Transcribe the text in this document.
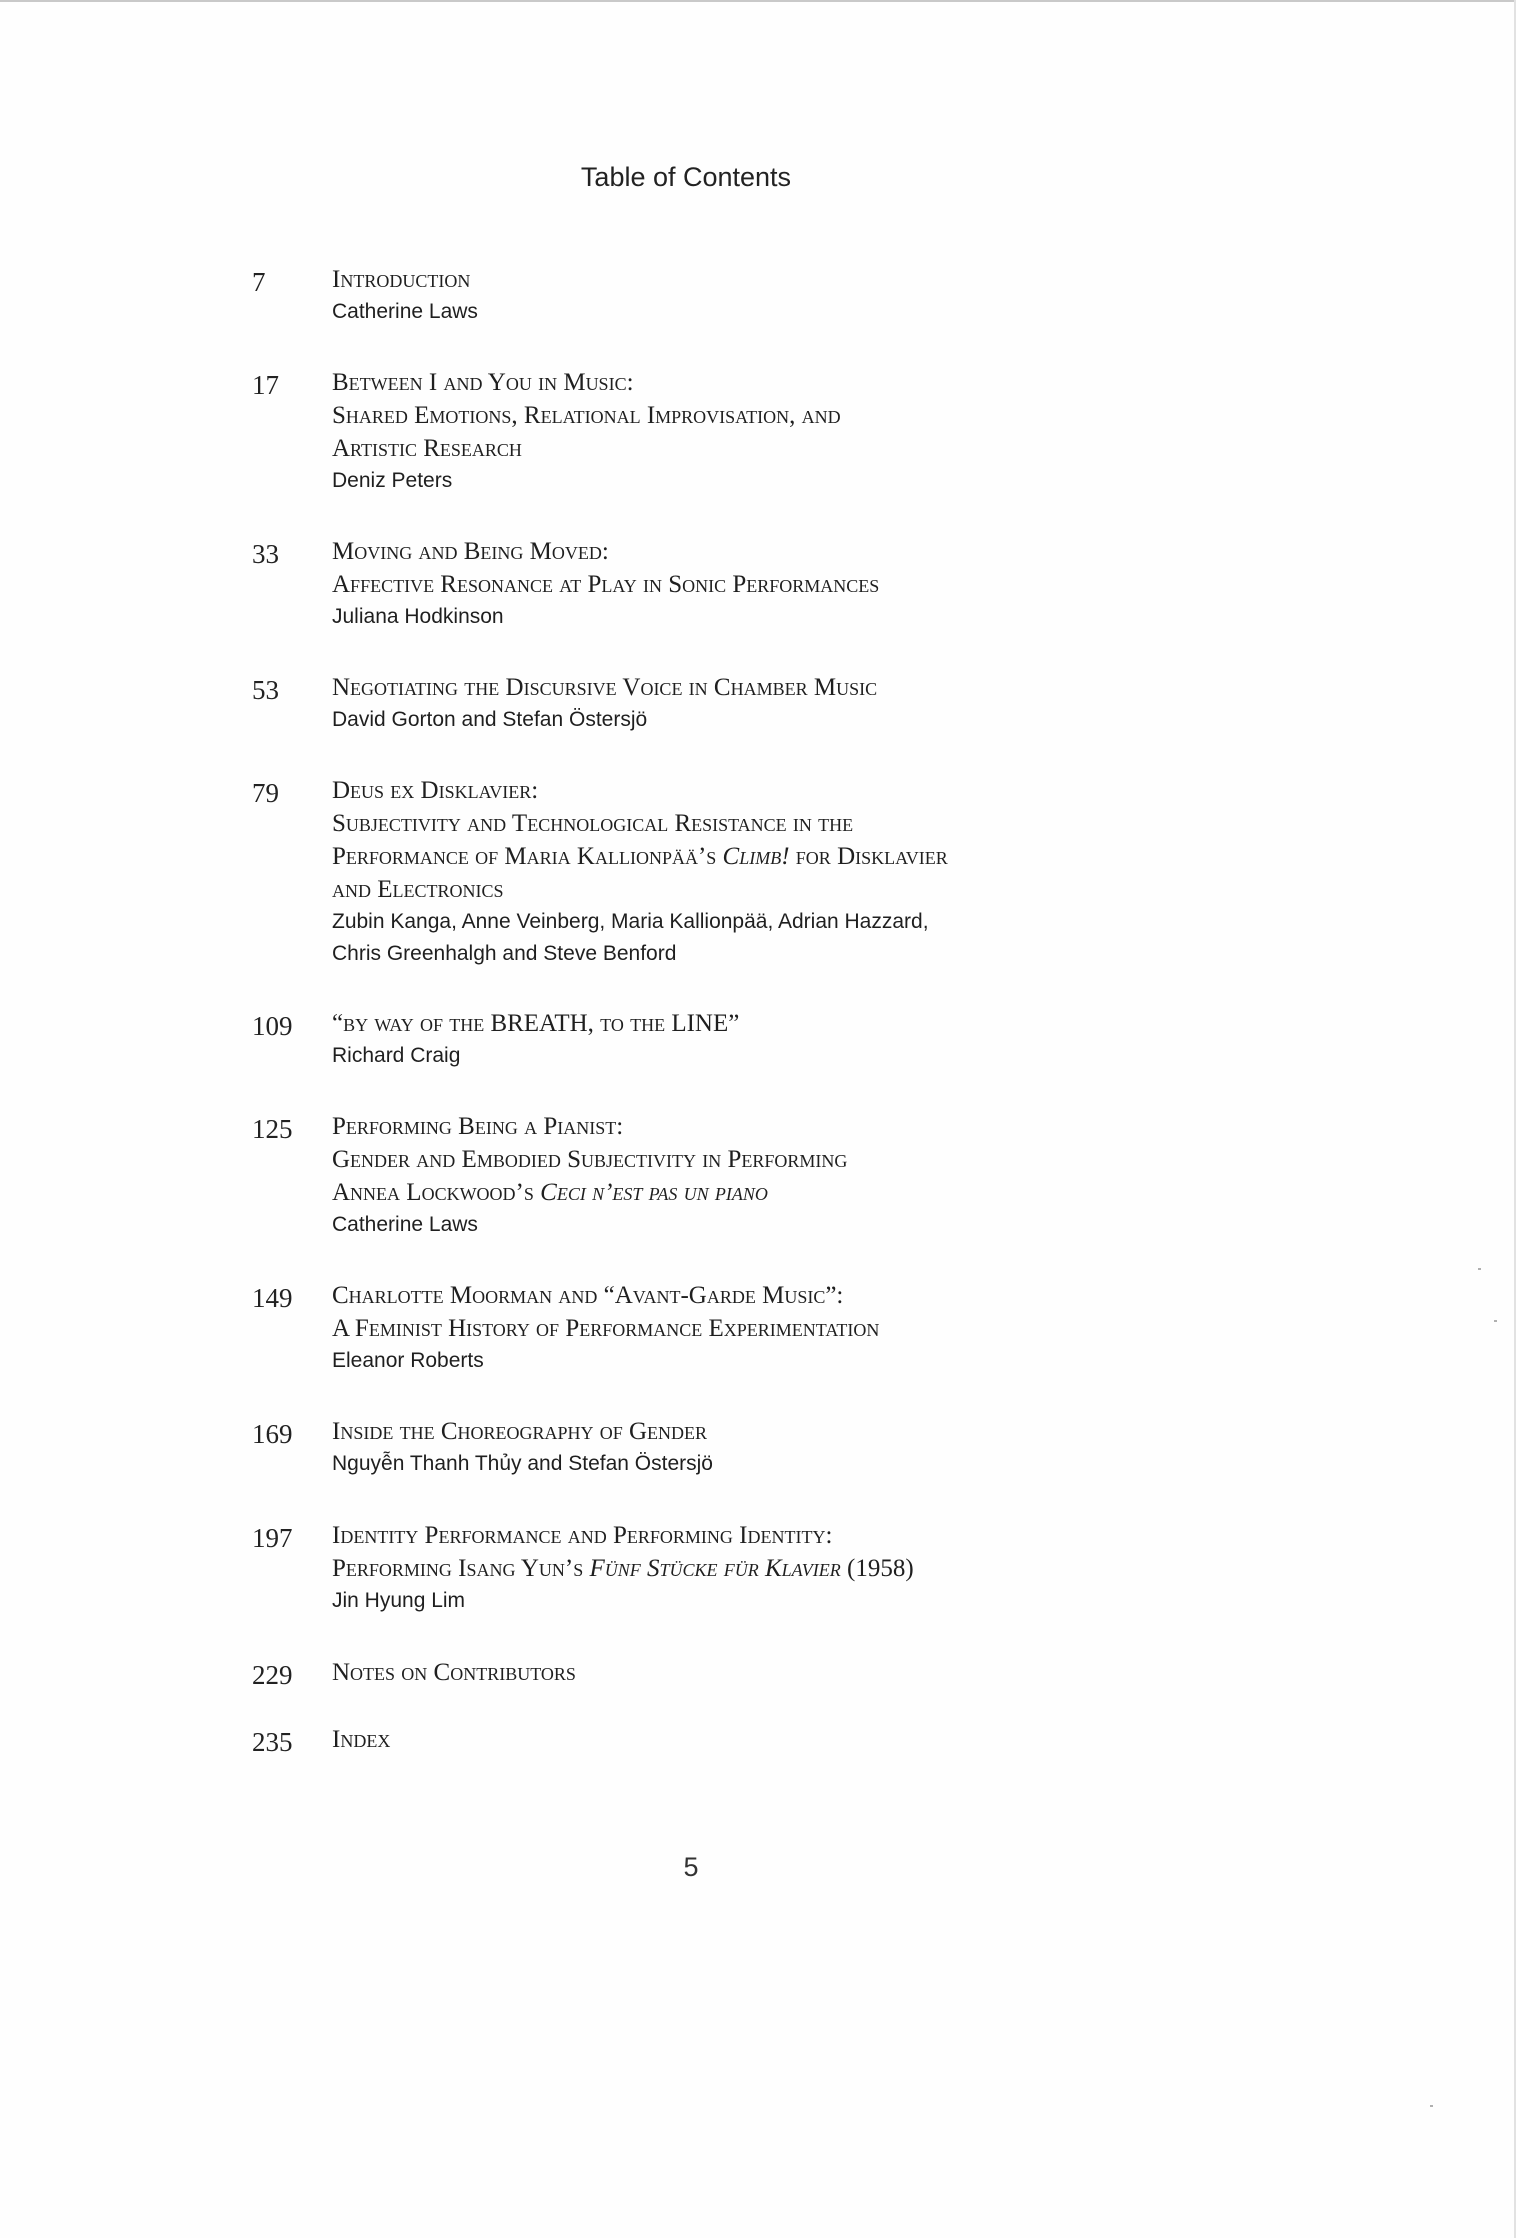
Table of Contents
7	Introduction
Catherine Laws
17 Between I and You in Music:
Shared Emotions, Relational Improvisation, and
Artistic Research
Deniz Peters
33 Moving and Being Moved:
Affective Resonance at Play in Sonic Performances
Juliana Hodkinson
53 Negotiating the Discursive Voice in Chamber Music
David Gorton and Stefan Östersjö
79 Deus ex Disklavier:
Subjectivity and Technological Resistance in the
Performance of Maria Kallionpää’s Climb! for Disklavier
and Electronics
Zubin Kanga, Anne Veinberg, Maria Kallionpää, Adrian Hazzard,
Chris Greenhalgh and Steve Benford
109 “by way of the BREATH, to the LINE”
Richard Craig
125 Performing Being a Pianist:
Gender and Embodied Subjectivity in Performing
Annea Lockwood’s Ceci n’est pas un piano
Catherine Laws
149 Charlotte Moorman and “Avant-Garde Music”:
A Feminist History of Performance Experimentation
Eleanor Roberts
169 Inside the Choreography of Gender
Nguyễn Thanh Thủy and Stefan Östersjö
197 Identity Performance and Performing Identity:
Performing Isang Yun’s Fünf Stücke für Klavier (1958)
Jin Hyung Lim
229 Notes on Contributors
235 Index
5
